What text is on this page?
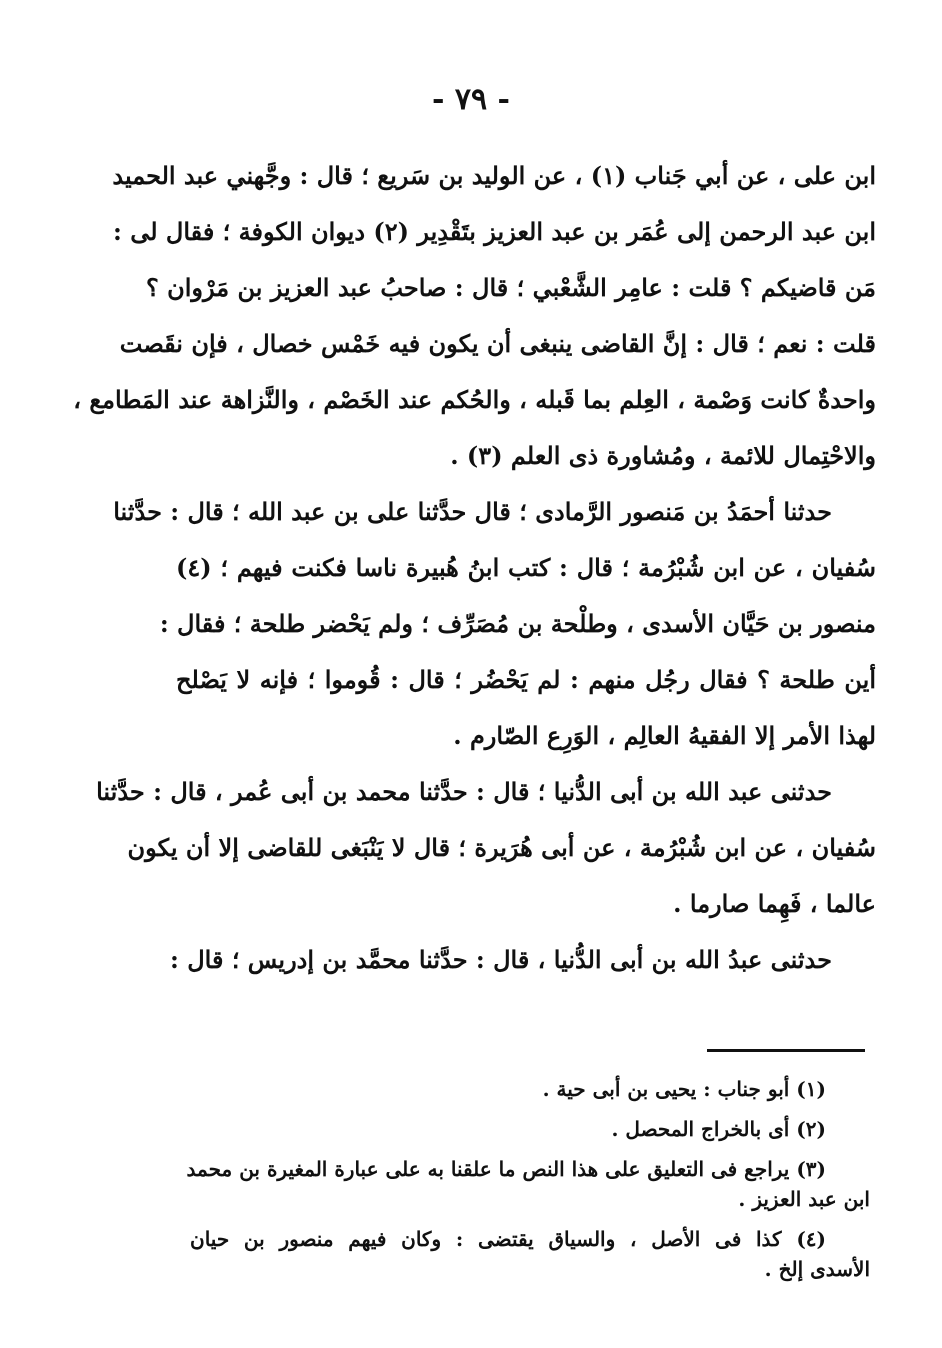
- ٧٩ -
ابن على ، عن أبي جَناب (١) ، عن الوليد بن سَريع ؛ قال : وجَّهني عبد الحميد
ابن عبد الرحمن إلى عُمَر بن عبد العزيز بتَقْدِير (٢) ديوان الكوفة ؛ فقال لى :
مَن قاضيكم ؟ قلت : عامِر الشَّعْبي ؛ قال : صاحبُ عبد العزيز بن مَرْوان ؟
قلت : نعم ؛ قال : إنَّ القاضى ينبغى أن يكون فيه خَمْس خصال ، فإن نقَصت
واحدةٌ كانت وَصْمة ، العِلم بما قَبله ، والحُكم عند الخَصْم ، والنَّزاهة عند المَطامع ،
والاحْتِمال للائمة ، ومُشاورة ذى العلم (٣) .
حدثنا أحمَدُ بن مَنصور الرَّمادى ؛ قال حدَّثنا على بن عبد الله ؛ قال : حدَّثنا
سُفيان ، عن ابن شُبْرُمة ؛ قال : كتب ابنُ هُبيرة ناسا فكنت فيهم ؛ (٤)
منصور بن حَيَّان الأسدى ، وطلْحة بن مُصَرِّف ؛ ولم يَحْضر طلحة ؛ فقال :
أين طلحة ؟ فقال رجُل منهم : لم يَحْضُر ؛ قال : قُوموا ؛ فإنه لا يَصْلح
لهذا الأمر إلا الفقيهُ العالِم ، الوَرِع الصّارم .
حدثنى عبد الله بن أبى الدُّنيا ؛ قال : حدَّثنا محمد بن أبى عُمر ، قال : حدَّثنا
سُفيان ، عن ابن شُبْرُمة ، عن أبى هُرَيرة ؛ قال لا يَنْبَغى للقاضى إلا أن يكون
عالما ، فَهِما صارما .
حدثنى عبدُ الله بن أبى الدُّنيا ، قال : حدَّثنا محمَّد بن إدريس ؛ قال :
(١) أبو جناب : يحيى بن أبى حية .
(٢) أى بالخراج المحصل .
(٣) يراجع فى التعليق على هذا النص ما علقنا به على عبارة المغيرة بن محمد
ابن عبد العزيز .
(٤) كذا فى الأصل ، والسياق يقتضى : وكان فيهم منصور بن حيان
الأسدى إلخ .
